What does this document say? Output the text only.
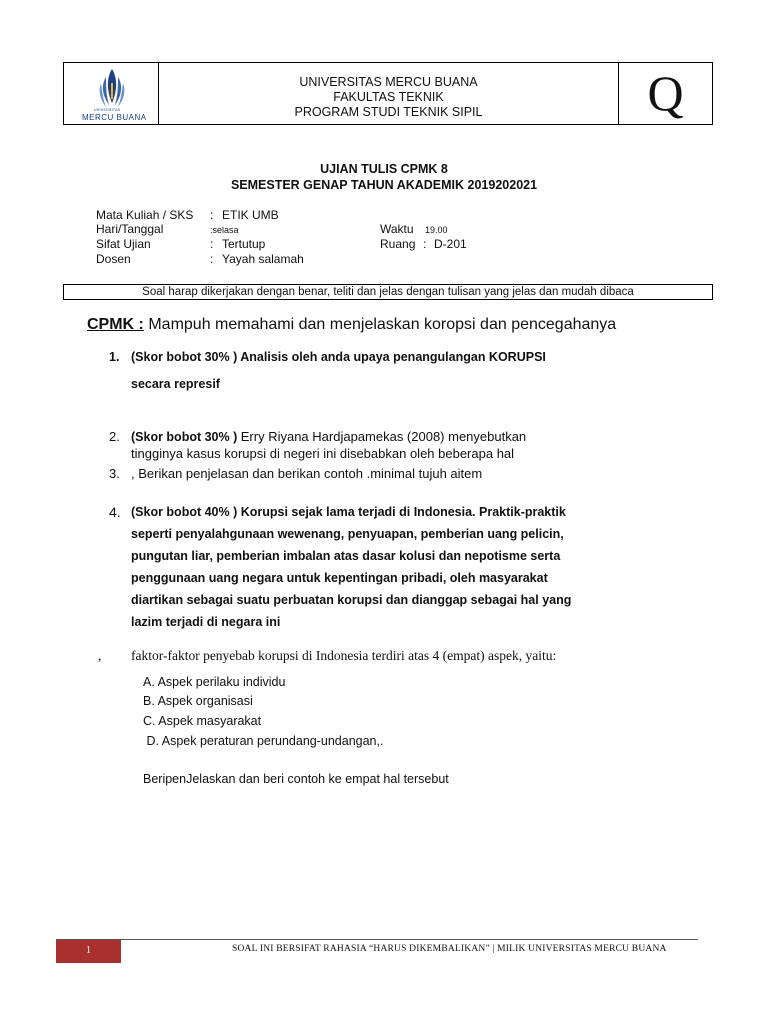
UNIVERSITAS
MERCU BUANA
UNIVERSITAS MERCU BUANA
FAKULTAS TEKNIK
PROGRAM STUDI TEKNIK SIPIL	Q
UJIAN TULIS CPMK 8
SEMESTER GENAP TAHUN AKADEMIK 2019202021
Mata Kuliah / SKS : ETIK UMB
Hari/Tanggal	:selasa
Sifat Ujian	: Tertutup
Dosen	: Yayah salamah
Waktu 19.00
Ruang : D-201
Soal harap dikerjakan dengan benar, teliti dan jelas dengan tulisan yang jelas dan mudah dibaca
CPMK : Mampuh memahami dan menjelaskan koropsi dan pencegahanya
1. (Skor bobot 30% ) Analisis oleh anda upaya penangulangan KORUPSI
secara represif
2. (Skor bobot 30% ) Erry Riyana Hardjapamekas (2008) menyebutkan
tingginya kasus korupsi di negeri ini disebabkan oleh beberapa hal
3. , Berikan penjelasan dan berikan contoh .minimal tujuh aitem
4. (Skor bobot 40% ) Korupsi sejak lama terjadi di Indonesia. Praktik-praktik
seperti penyalahgunaan wewenang, penyuapan, pemberian uang pelicin,
pungutan liar, pemberian imbalan atas dasar kolusi dan nepotisme serta
penggunaan uang negara untuk kepentingan pribadi, oleh masyarakat
diartikan sebagai suatu perbuatan korupsi dan dianggap sebagai hal yang
lazim terjadi di negara ini
, faktor-faktor penyebab korupsi di Indonesia terdiri atas 4 (empat) aspek, yaitu:
A. Aspek perilaku individu
B. Aspek organisasi
C. Aspek masyarakat
D. Aspek peraturan perundang-undangan,.
BeripenJelaskan dan beri contoh ke empat hal tersebut
1	SOAL INI BERSIFAT RAHASIA “HARUS DIKEMBALIKAN” | MILIK UNIVERSITAS MERCU BUANA
